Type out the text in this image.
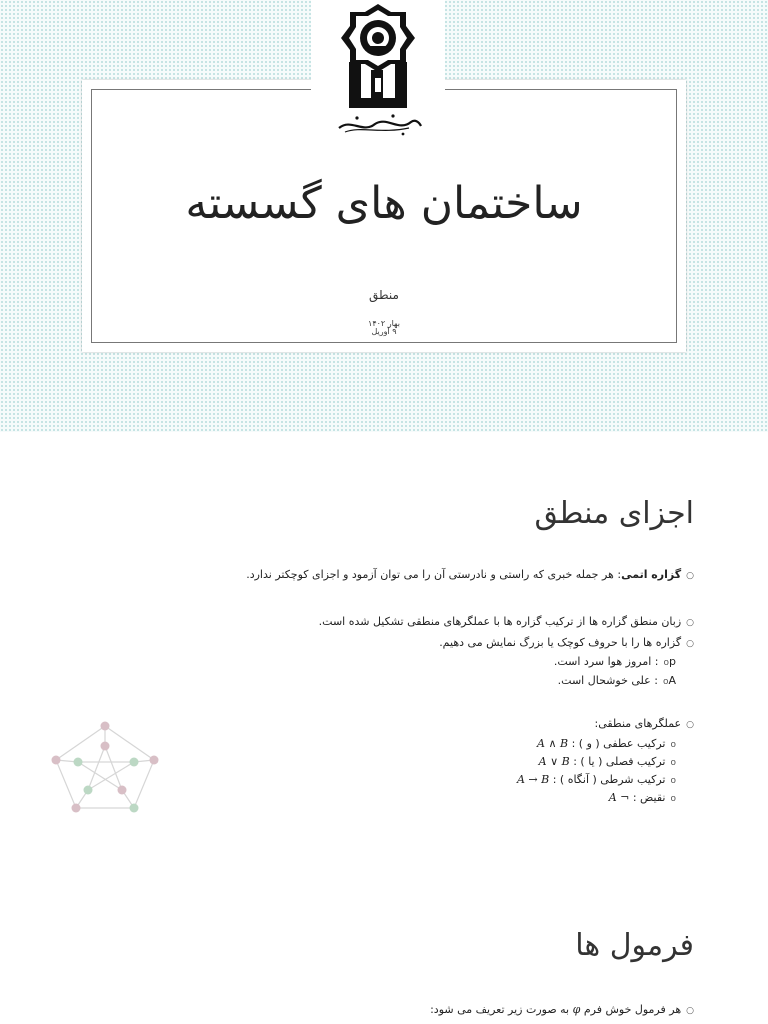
ساختمان های گسسته
منطق
بهار ۱۴۰۲
۹ آوریل
اجزای منطق
○گزاره اتمی: هر جمله خبری که راستی و نادرستی آن را می توان آزمود و اجزای کوچکتر ندارد.
○زبان منطق گزاره ها از ترکیب گزاره ها با عملگرهای منطقی تشکیل شده است.
○گزاره ها را با حروف کوچک یا بزرگ نمایش می دهیم.
op: امروز هوا سرد است.
oA: علی خوشحال است.
○عملگرهای منطقی:
oترکیب عطفی ( و ) : A ∧ B
oترکیب فصلی ( یا ) : A ∨ B
oترکیب شرطی ( آنگاه ) : A → B
oنقیض : ¬ A
فرمول ها
○هر فرمول خوش فرم φ به صورت زیر تعریف می شود:
